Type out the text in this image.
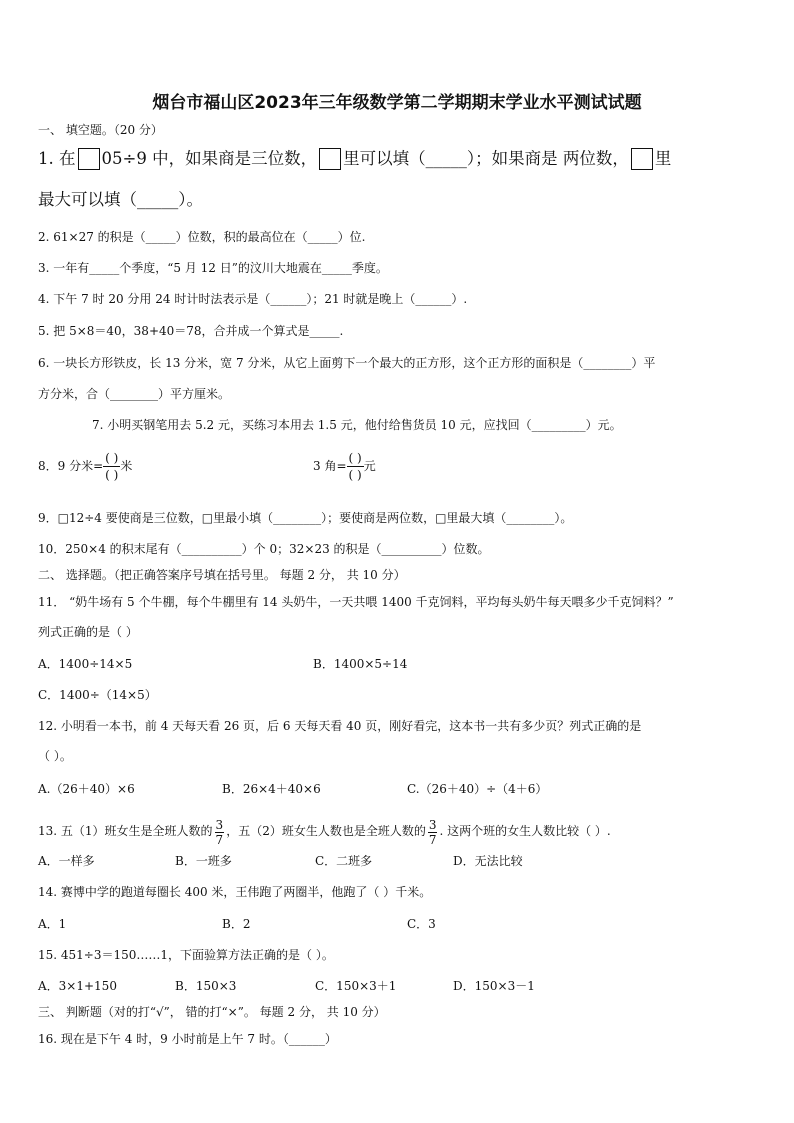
烟台市福山区2023年三年级数学第二学期期末学业水平测试试题
一、 填空题。（20 分）
1. 在 05÷9 中，如果商是三位数， 里可以填（_____）；如果商是 两位数， 里
最大可以填（_____）。
2. 61×27 的积是（_____）位数，积的最高位在（_____）位.
3. 一年有_____个季度，“5 月 12 日”的汶川大地震在_____季度。
4. 下午 7 时 20 分用 24 时计时法表示是（______）；21 时就是晚上（______）.
5. 把 5×8＝40，38+40＝78，合并成一个算式是_____.
6. 一块长方形铁皮，长 13 分米，宽 7 分米，从它上面剪下一个最大的正方形，这个正方形的面积是（________）平
方分米，合（________）平方厘米。
7. 小明买钢笔用去 5.2 元，买练习本用去 1.5 元，他付给售货员 10 元，应找回（_________）元。
8．9 分米= $\frac{( )}{( )}$ 米	3 角= $\frac{( )}{( )}$ 元
9．□12÷4 要使商是三位数，□里最小填（________）；要使商是两位数，□里最大填（________）。
10．250×4 的积末尾有（__________）个 0；32×23 的积是（__________）位数。
二、 选择题。（把正确答案序号填在括号里。 每题 2 分， 共 10 分）
11． “奶牛场有 5 个牛棚，每个牛棚里有 14 头奶牛，一天共喂 1400 千克饲料，平均每头奶牛每天喂多少千克饲料？”
列式正确的是（ ）
A．1400÷14×5	B．1400×5÷14
C．1400÷（14×5）
12. 小明看一本书，前 4 天每天看 26 页，后 6 天每天看 40 页，刚好看完，这本书一共有多少页？列式正确的是
（ ）。
A.（26＋40）×6	B．26×4＋40×6	C.（26＋40）÷（4＋6）
13. 五（1）班女生是全班人数的 $\frac{3}{7}$ ，五（2）班女生人数也是全班人数的 $\frac{3}{7}$ . 这两个班的女生人数比较（ ）.
A．一样多	B．一班多	C．二班多	D．无法比较
14. 赛博中学的跑道每圈长 400 米，王伟跑了两圈半，他跑了（ ）千米。
A．1	B．2	C．3
15. 451÷3＝150……1，下面验算方法正确的是（ ）。
A．3×1+150	B．150×3	C．150×3＋1	D．150×3－1
三、 判断题（对的打“√”， 错的打“×”。 每题 2 分， 共 10 分）
16. 现在是下午 4 时，9 小时前是上午 7 时。（______）
